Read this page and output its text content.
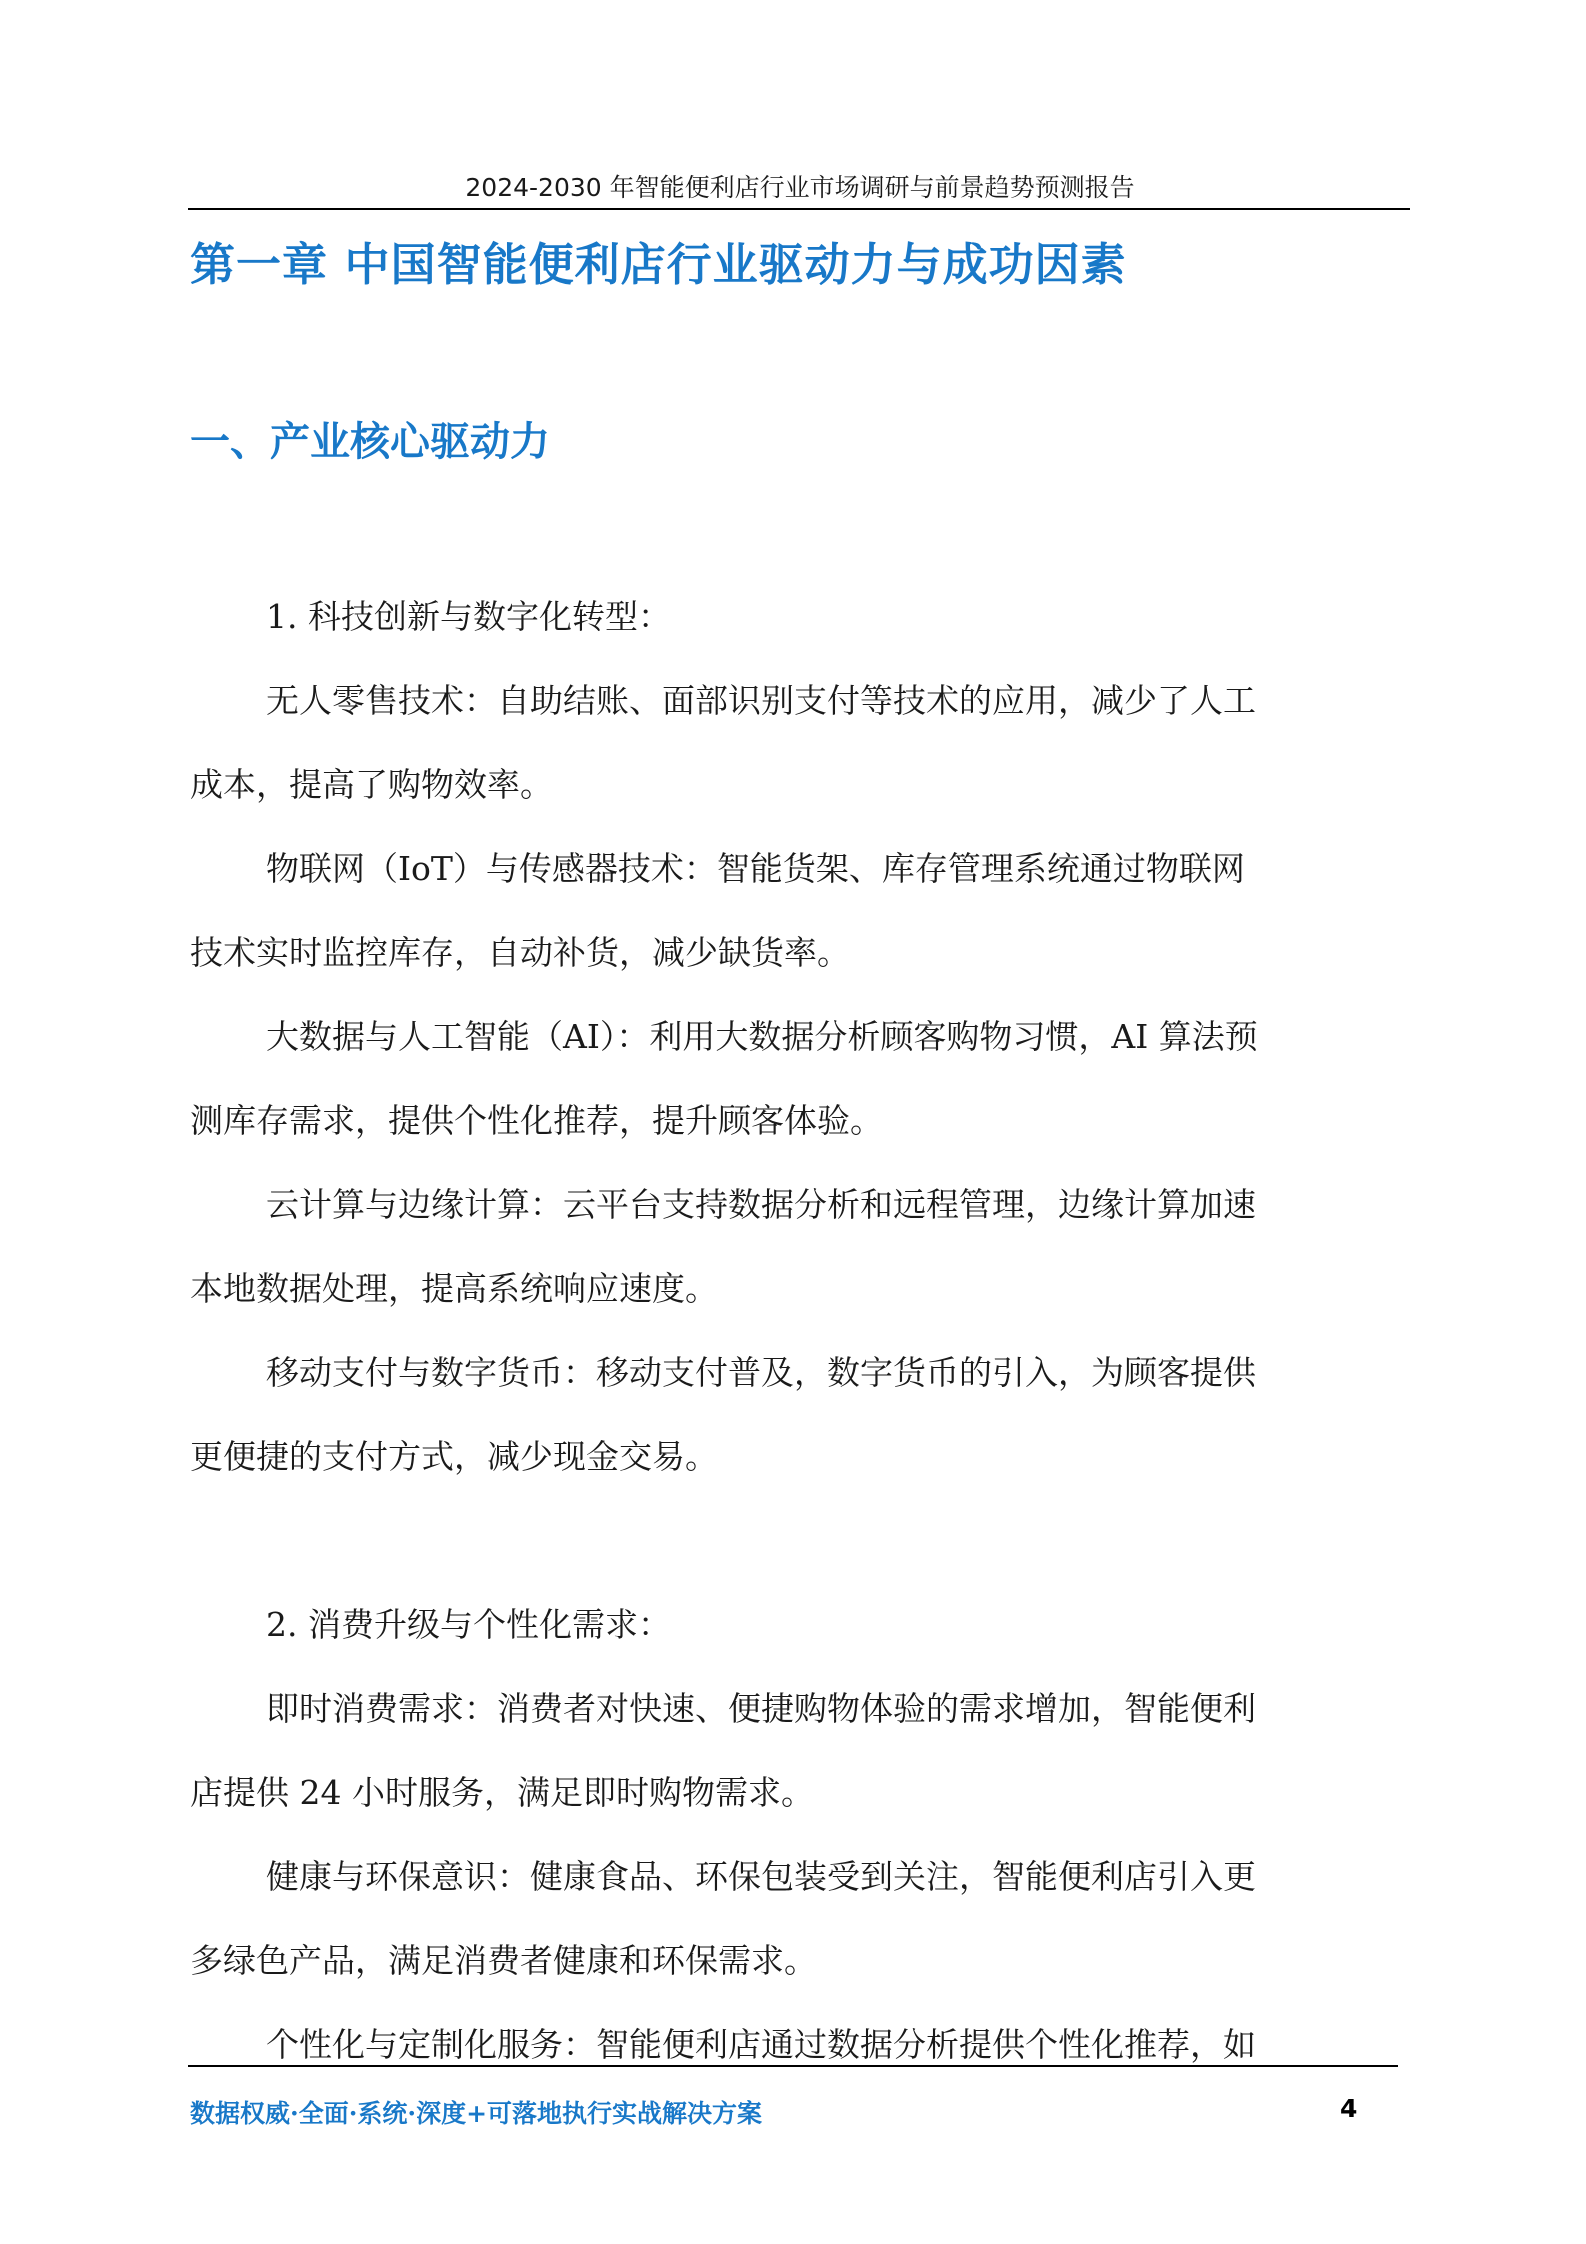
2024-2030 年智能便利店行业市场调研与前景趋势预测报告
第一章 中国智能便利店行业驱动力与成功因素
一、产业核心驱动力

1. 科技创新与数字化转型：

无人零售技术：自助结账、面部识别支付等技术的应用，减少了人工

成本，提高了购物效率。

物联网（IoT）与传感器技术：智能货架、库存管理系统通过物联网

技术实时监控库存，自动补货，减少缺货率。

大数据与人工智能（AI）：利用大数据分析顾客购物习惯，AI 算法预

测库存需求，提供个性化推荐，提升顾客体验。

云计算与边缘计算：云平台支持数据分析和远程管理，边缘计算加速

本地数据处理，提高系统响应速度。

移动支付与数字货币：移动支付普及，数字货币的引入，为顾客提供

更便捷的支付方式，减少现金交易。

2. 消费升级与个性化需求：

即时消费需求：消费者对快速、便捷购物体验的需求增加，智能便利

店提供 24 小时服务，满足即时购物需求。

健康与环保意识：健康食品、环保包装受到关注，智能便利店引入更

多绿色产品，满足消费者健康和环保需求。

个性化与定制化服务：智能便利店通过数据分析提供个性化推荐，如

数据权威·全面·系统·深度+可落地执行实战解决方案	4
